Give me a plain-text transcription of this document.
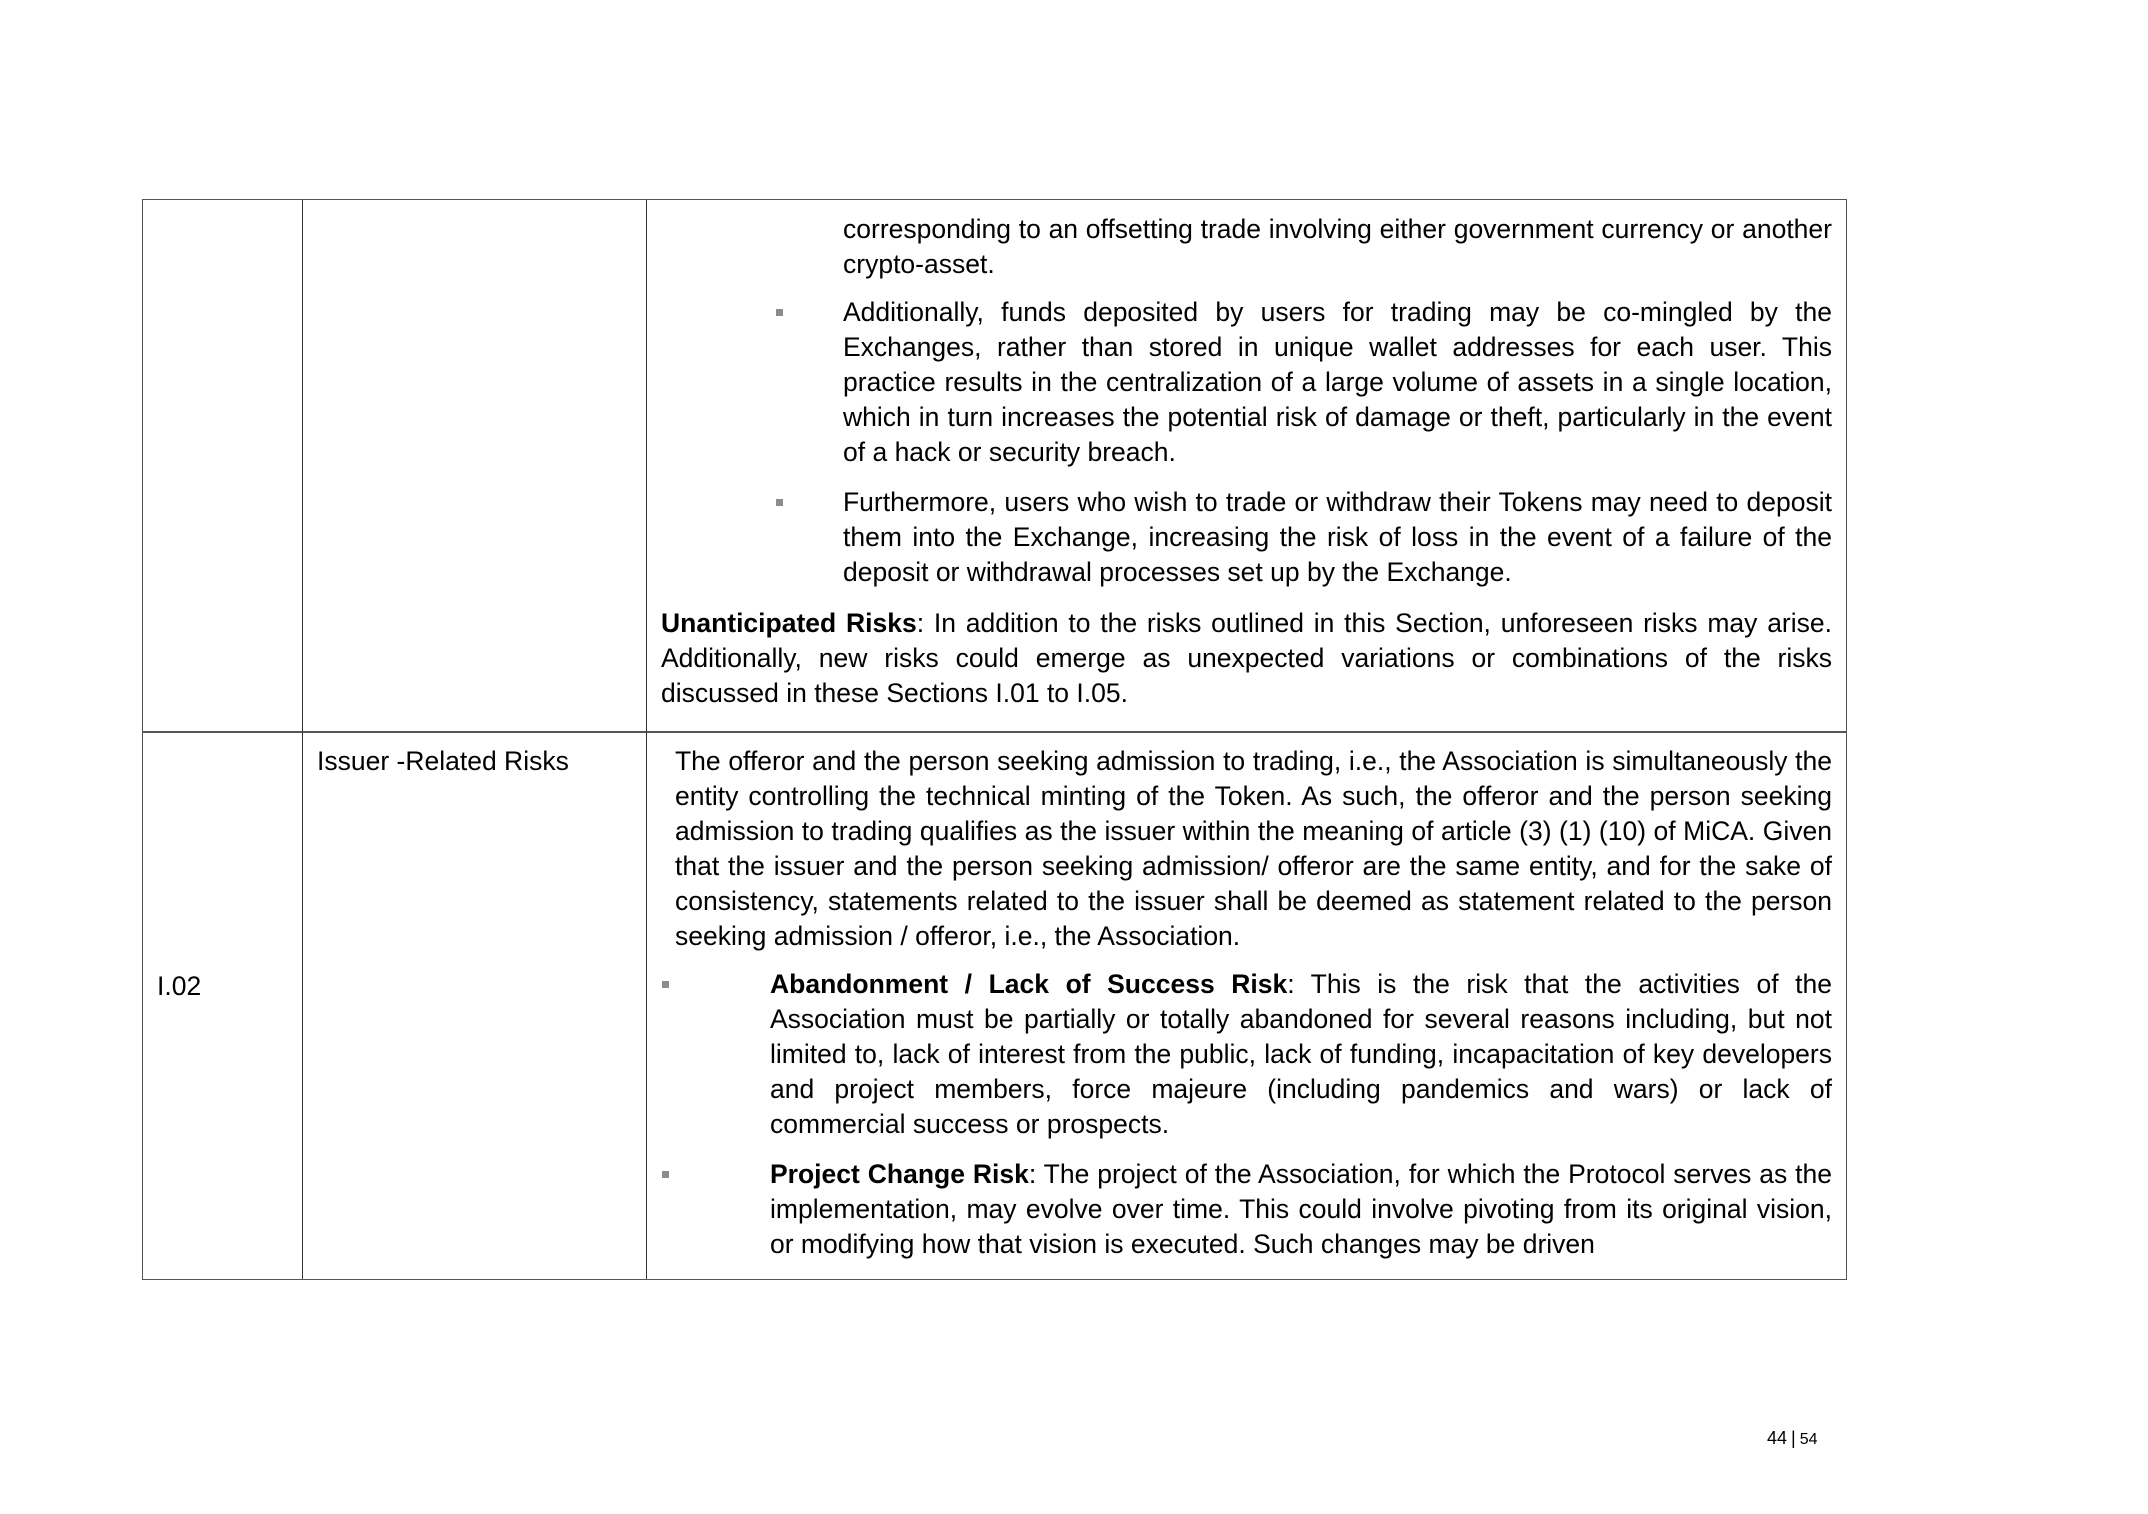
corresponding to an offsetting trade involving either government currency or another crypto-asset.
Additionally, funds deposited by users for trading may be co-mingled by the Exchanges, rather than stored in unique wallet addresses for each user. This practice results in the centralization of a large volume of assets in a single location, which in turn increases the potential risk of damage or theft, particularly in the event of a hack or security breach.
Furthermore, users who wish to trade or withdraw their Tokens may need to deposit them into the Exchange, increasing the risk of loss in the event of a failure of the deposit or withdrawal processes set up by the Exchange.
Unanticipated Risks: In addition to the risks outlined in this Section, unforeseen risks may arise. Additionally, new risks could emerge as unexpected variations or combinations of the risks discussed in these Sections I.01 to I.05.
I.02
Issuer -Related Risks	The offeror and the person seeking admission to trading, i.e., the Association is simultaneously the entity controlling the technical minting of the Token. As such, the offeror and the person seeking admission to trading qualifies as the issuer within the meaning of article (3) (1) (10) of MiCA. Given that the issuer and the person seeking admission/ offeror are the same entity, and for the sake of consistency, statements related to the issuer shall be deemed as statement related to the person seeking admission / offeror, i.e., the Association.
Abandonment / Lack of Success Risk: This is the risk that the activities of the Association must be partially or totally abandoned for several reasons including, but not limited to, lack of interest from the public, lack of funding, incapacitation of key developers and project members, force majeure (including pandemics and wars) or lack of commercial success or prospects.
Project Change Risk: The project of the Association, for which the Protocol serves as the implementation, may evolve over time. This could involve pivoting from its original vision, or modifying how that vision is executed. Such changes may be driven
44 | 54
